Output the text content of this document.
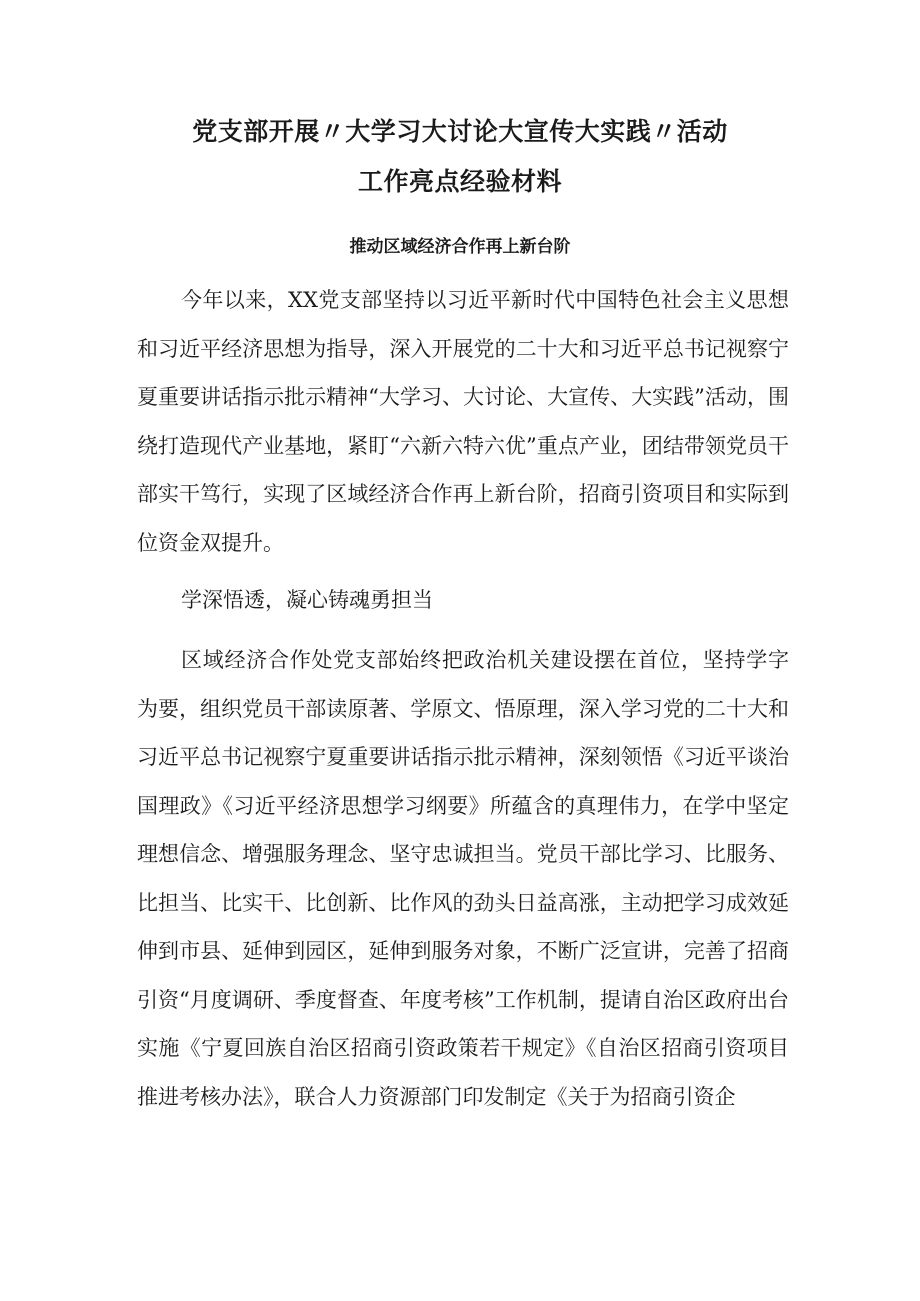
党支部开展〃大学习大讨论大宣传大实践〃活动
工作亮点经验材料
推动区域经济合作再上新台阶

今年以来，XX党支部坚持以习近平新时代中国特色社会主义思想和习近平经济思想为指导，深入开展党的二十大和习近平总书记视察宁夏重要讲话指示批示精神“大学习、大讨论、大宣传、大实践”活动，围绕打造现代产业基地，紧盯“六新六特六优”重点产业，团结带领党员干部实干笃行，实现了区域经济合作再上新台阶，招商引资项目和实际到位资金双提升。

学深悟透，凝心铸魂勇担当

区域经济合作处党支部始终把政治机关建设摆在首位，坚持学字为要，组织党员干部读原著、学原文、悟原理，深入学习党的二十大和习近平总书记视察宁夏重要讲话指示批示精神，深刻领悟《习近平谈治国理政》《习近平经济思想学习纲要》所蕴含的真理伟力，在学中坚定理想信念、增强服务理念、坚守忠诚担当。党员干部比学习、比服务、比担当、比实干、比创新、比作风的劲头日益高涨，主动把学习成效延伸到市县、延伸到园区，延伸到服务对象，不断广泛宣讲，完善了招商引资“月度调研、季度督查、年度考核”工作机制，提请自治区政府出台实施《宁夏回族自治区招商引资政策若干规定》《自治区招商引资项目推进考核办法》，联合人力资源部门印发制定《关于为招商引资企
